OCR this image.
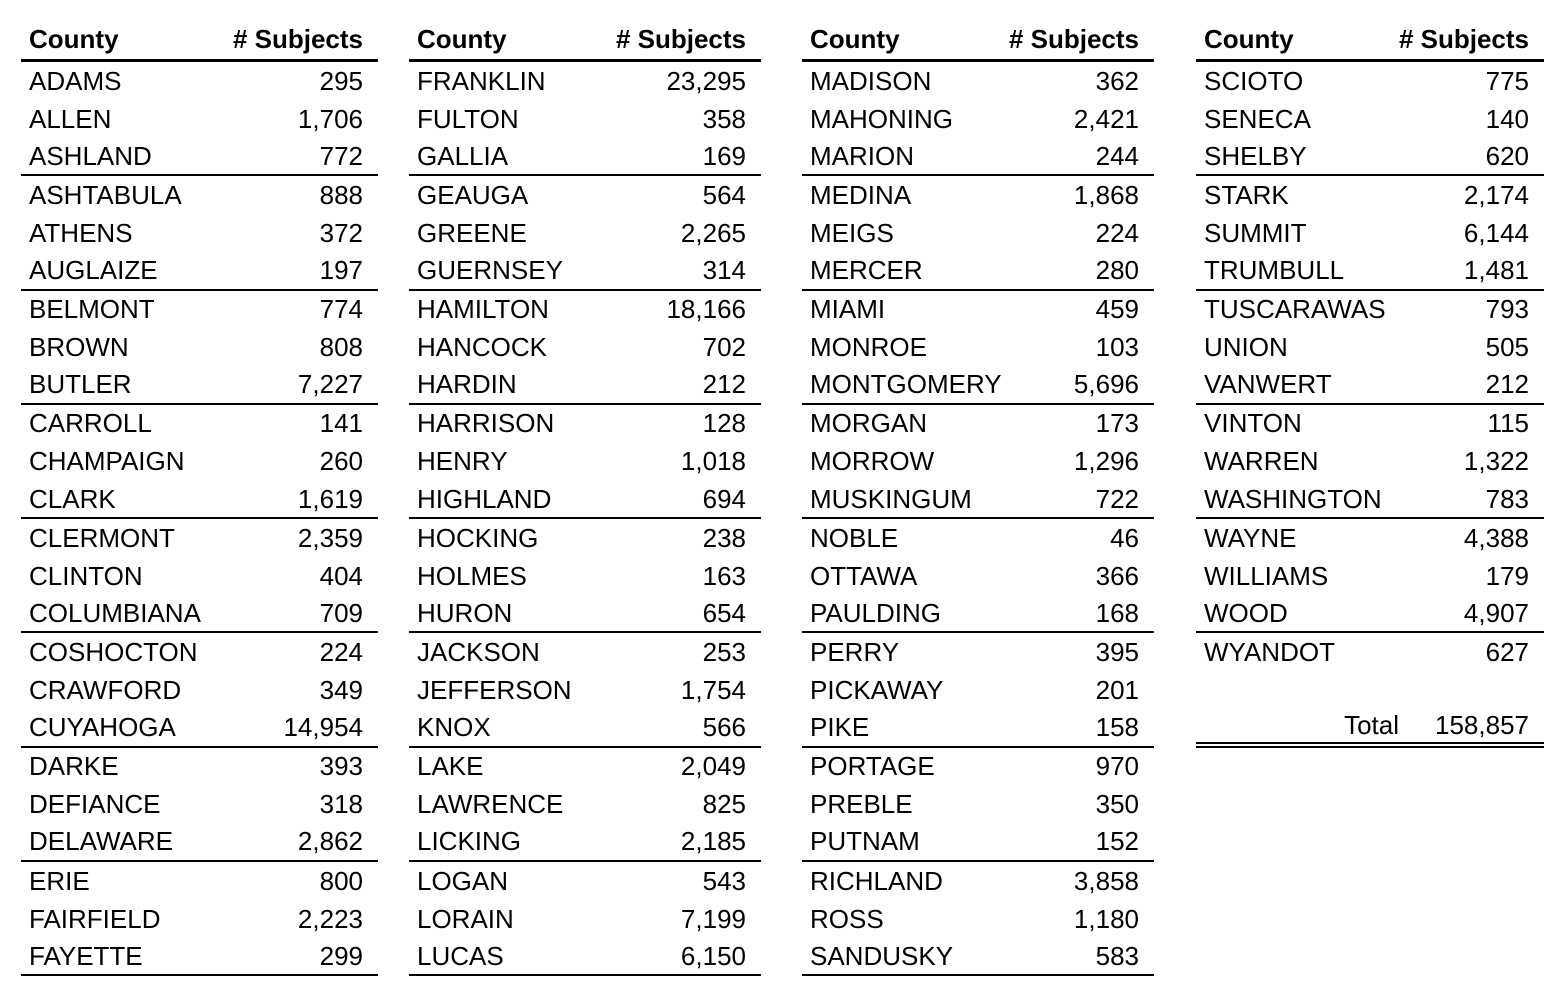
County	# Subjects
ADAMS	295
ALLEN	1,706
ASHLAND	772
ASHTABULA	888
ATHENS	372
AUGLAIZE	197
BELMONT	774
BROWN	808
BUTLER	7,227
CARROLL	141
CHAMPAIGN	260
CLARK	1,619
CLERMONT	2,359
CLINTON	404
COLUMBIANA	709
COSHOCTON	224
CRAWFORD	349
CUYAHOGA	14,954
DARKE	393
DEFIANCE	318
DELAWARE	2,862
ERIE	800
FAIRFIELD	2,223
FAYETTE	299
County	# Subjects
FRANKLIN	23,295
FULTON	358
GALLIA	169
GEAUGA	564
GREENE	2,265
GUERNSEY	314
HAMILTON	18,166
HANCOCK	702
HARDIN	212
HARRISON	128
HENRY	1,018
HIGHLAND	694
HOCKING	238
HOLMES	163
HURON	654
JACKSON	253
JEFFERSON	1,754
KNOX	566
LAKE	2,049
LAWRENCE	825
LICKING	2,185
LOGAN	543
LORAIN	7,199
LUCAS	6,150
County	# Subjects
MADISON	362
MAHONING	2,421
MARION	244
MEDINA	1,868
MEIGS	224
MERCER	280
MIAMI	459
MONROE	103
MONTGOMERY	5,696
MORGAN	173
MORROW	1,296
MUSKINGUM	722
NOBLE	46
OTTAWA	366
PAULDING	168
PERRY	395
PICKAWAY	201
PIKE	158
PORTAGE	970
PREBLE	350
PUTNAM	152
RICHLAND	3,858
ROSS	1,180
SANDUSKY	583
County	# Subjects
SCIOTO	775
SENECA	140
SHELBY	620
STARK	2,174
SUMMIT	6,144
TRUMBULL	1,481
TUSCARAWAS	793
UNION	505
VANWERT	212
VINTON	115
WARREN	1,322
WASHINGTON	783
WAYNE	4,388
WILLIAMS	179
WOOD	4,907
WYANDOT	627
Total	158,857
